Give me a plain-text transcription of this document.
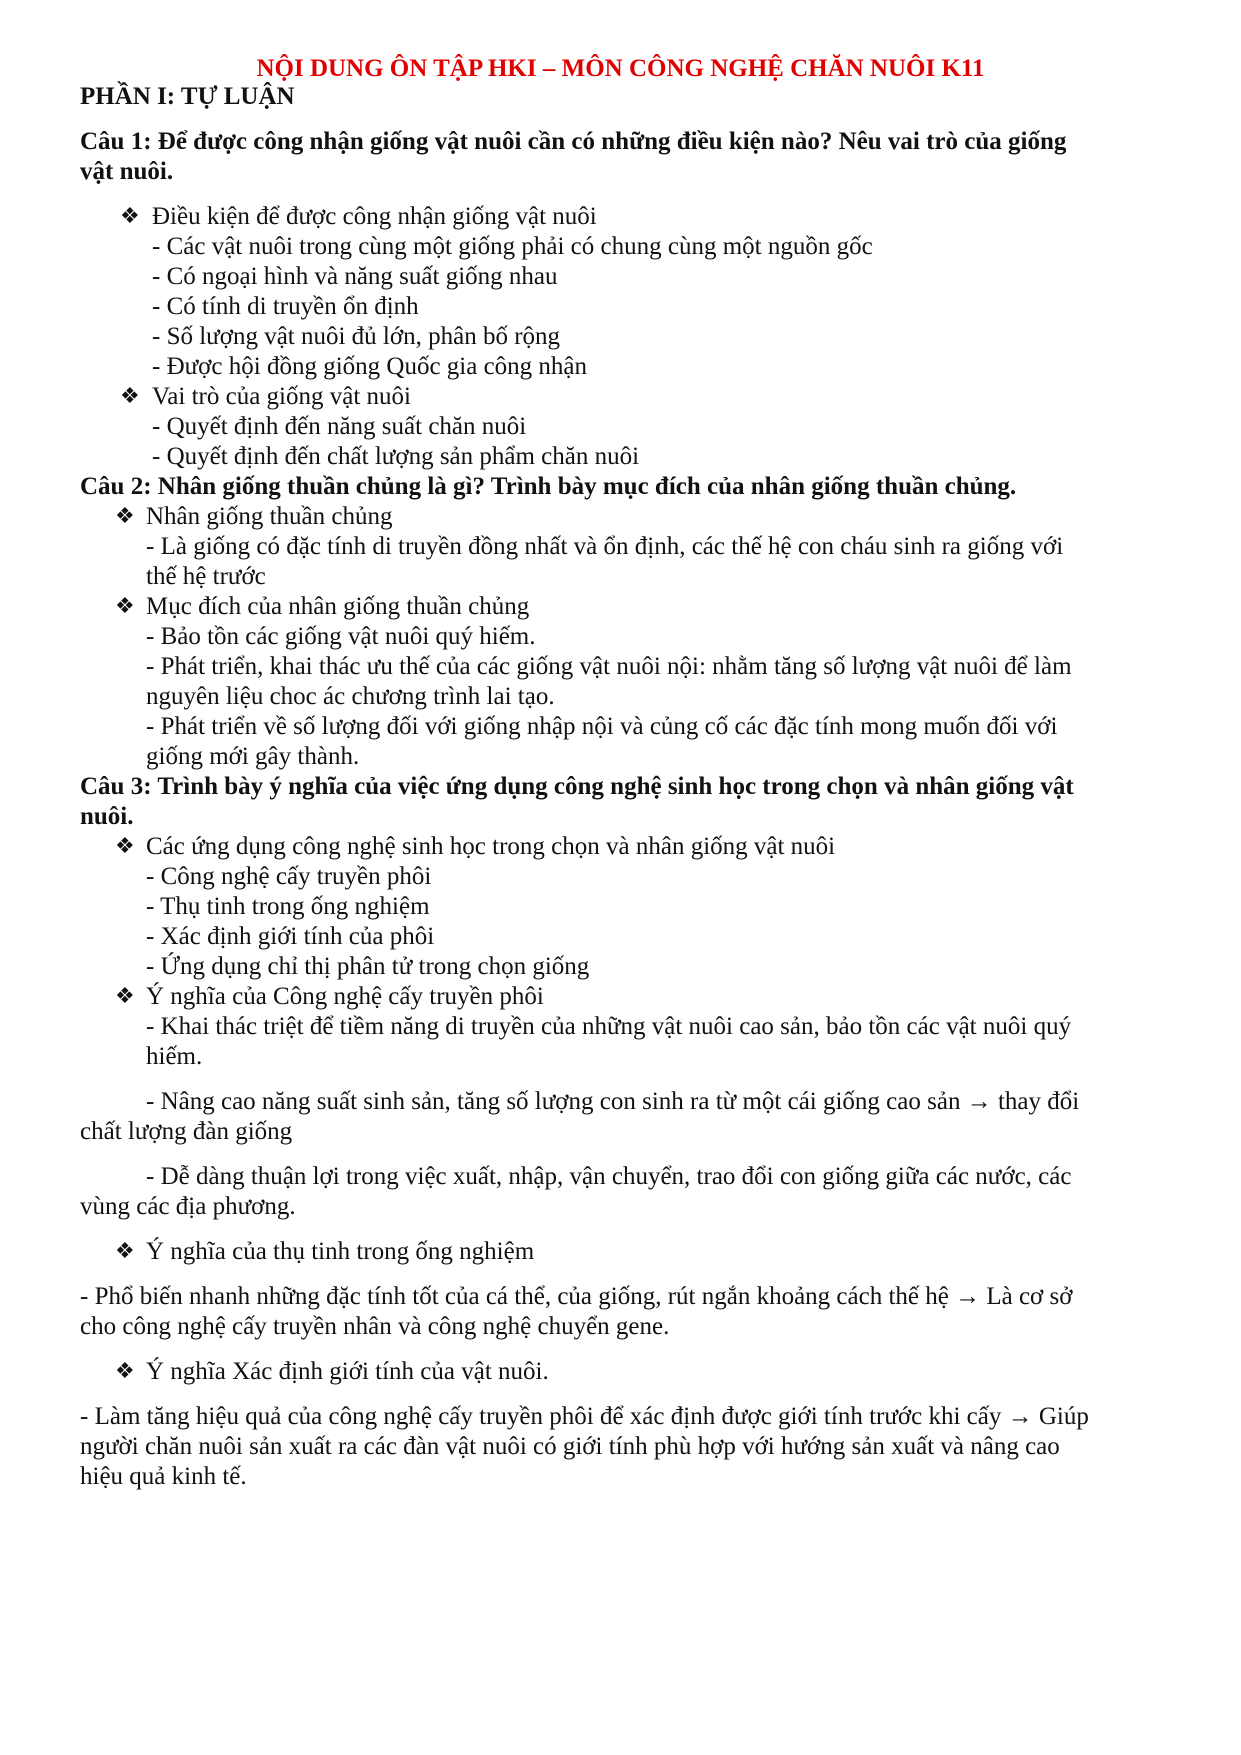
NỘI DUNG ÔN TẬP HKI – MÔN CÔNG NGHỆ CHĂN NUÔI K11
PHẦN I: TỰ LUẬN
Câu 1: Để được công nhận giống vật nuôi cần có những điều kiện nào? Nêu vai trò của giống
vật nuôi.
❖ Điều kiện để được công nhận giống vật nuôi
- Các vật nuôi trong cùng một giống phải có chung cùng một nguồn gốc
- Có ngoại hình và năng suất giống nhau
- Có tính di truyền ổn định
- Số lượng vật nuôi đủ lớn, phân bố rộng
- Được hội đồng giống Quốc gia công nhận
❖ Vai trò của giống vật nuôi
- Quyết định đến năng suất chăn nuôi
- Quyết định đến chất lượng sản phẩm chăn nuôi
Câu 2: Nhân giống thuần chủng là gì? Trình bày mục đích của nhân giống thuần chủng.
❖ Nhân giống thuần chủng
- Là giống có đặc tính di truyền đồng nhất và ổn định, các thế hệ con cháu sinh ra giống với
thế hệ trước
❖ Mục đích của nhân giống thuần chủng
- Bảo tồn các giống vật nuôi quý hiếm.
- Phát triển, khai thác ưu thế của các giống vật nuôi nội: nhằm tăng số lượng vật nuôi để làm
nguyên liệu choc ác chương trình lai tạo.
- Phát triển về số lượng đối với giống nhập nội và củng cố các đặc tính mong muốn đối với
giống mới gây thành.
Câu 3: Trình bày ý nghĩa của việc ứng dụng công nghệ sinh học trong chọn và nhân giống vật
nuôi.
❖ Các ứng dụng công nghệ sinh học trong chọn và nhân giống vật nuôi
- Công nghệ cấy truyền phôi
- Thụ tinh trong ống nghiệm
- Xác định giới tính của phôi
- Ứng dụng chỉ thị phân tử trong chọn giống
❖ Ý nghĩa của Công nghệ cấy truyền phôi
- Khai thác triệt để tiềm năng di truyền của những vật nuôi cao sản, bảo tồn các vật nuôi quý
hiếm.
- Nâng cao năng suất sinh sản, tăng số lượng con sinh ra từ một cái giống cao sản → thay đổi
chất lượng đàn giống
- Dễ dàng thuận lợi trong việc xuất, nhập, vận chuyển, trao đổi con giống giữa các nước, các
vùng các địa phương.
❖ Ý nghĩa của thụ tinh trong ống nghiệm
- Phổ biến nhanh những đặc tính tốt của cá thể, của giống, rút ngắn khoảng cách thế hệ → Là cơ sở
cho công nghệ cấy truyền nhân và công nghệ chuyển gene.
❖ Ý nghĩa Xác định giới tính của vật nuôi.
- Làm tăng hiệu quả của công nghệ cấy truyền phôi để xác định được giới tính trước khi cấy → Giúp
người chăn nuôi sản xuất ra các đàn vật nuôi có giới tính phù hợp với hướng sản xuất và nâng cao
hiệu quả kinh tế.
